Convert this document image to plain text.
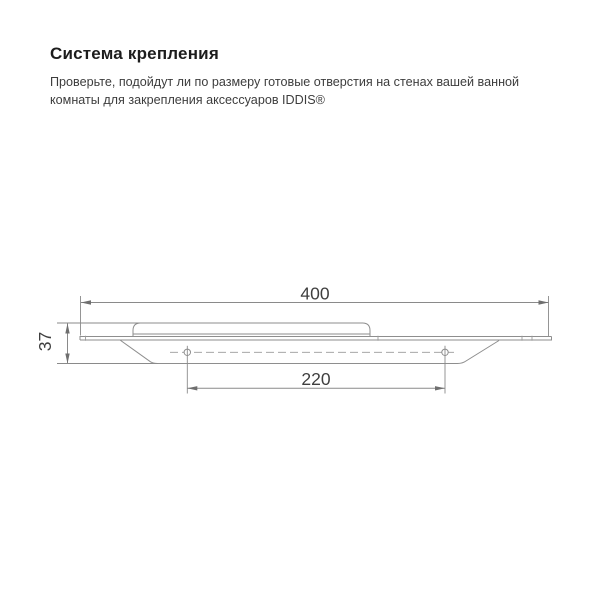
Система крепления

Проверьте, подойдут ли по размеру готовые отверстия на стенах вашей ванной комнаты для закрепления аксессуаров IDDIS®

400
37
220
